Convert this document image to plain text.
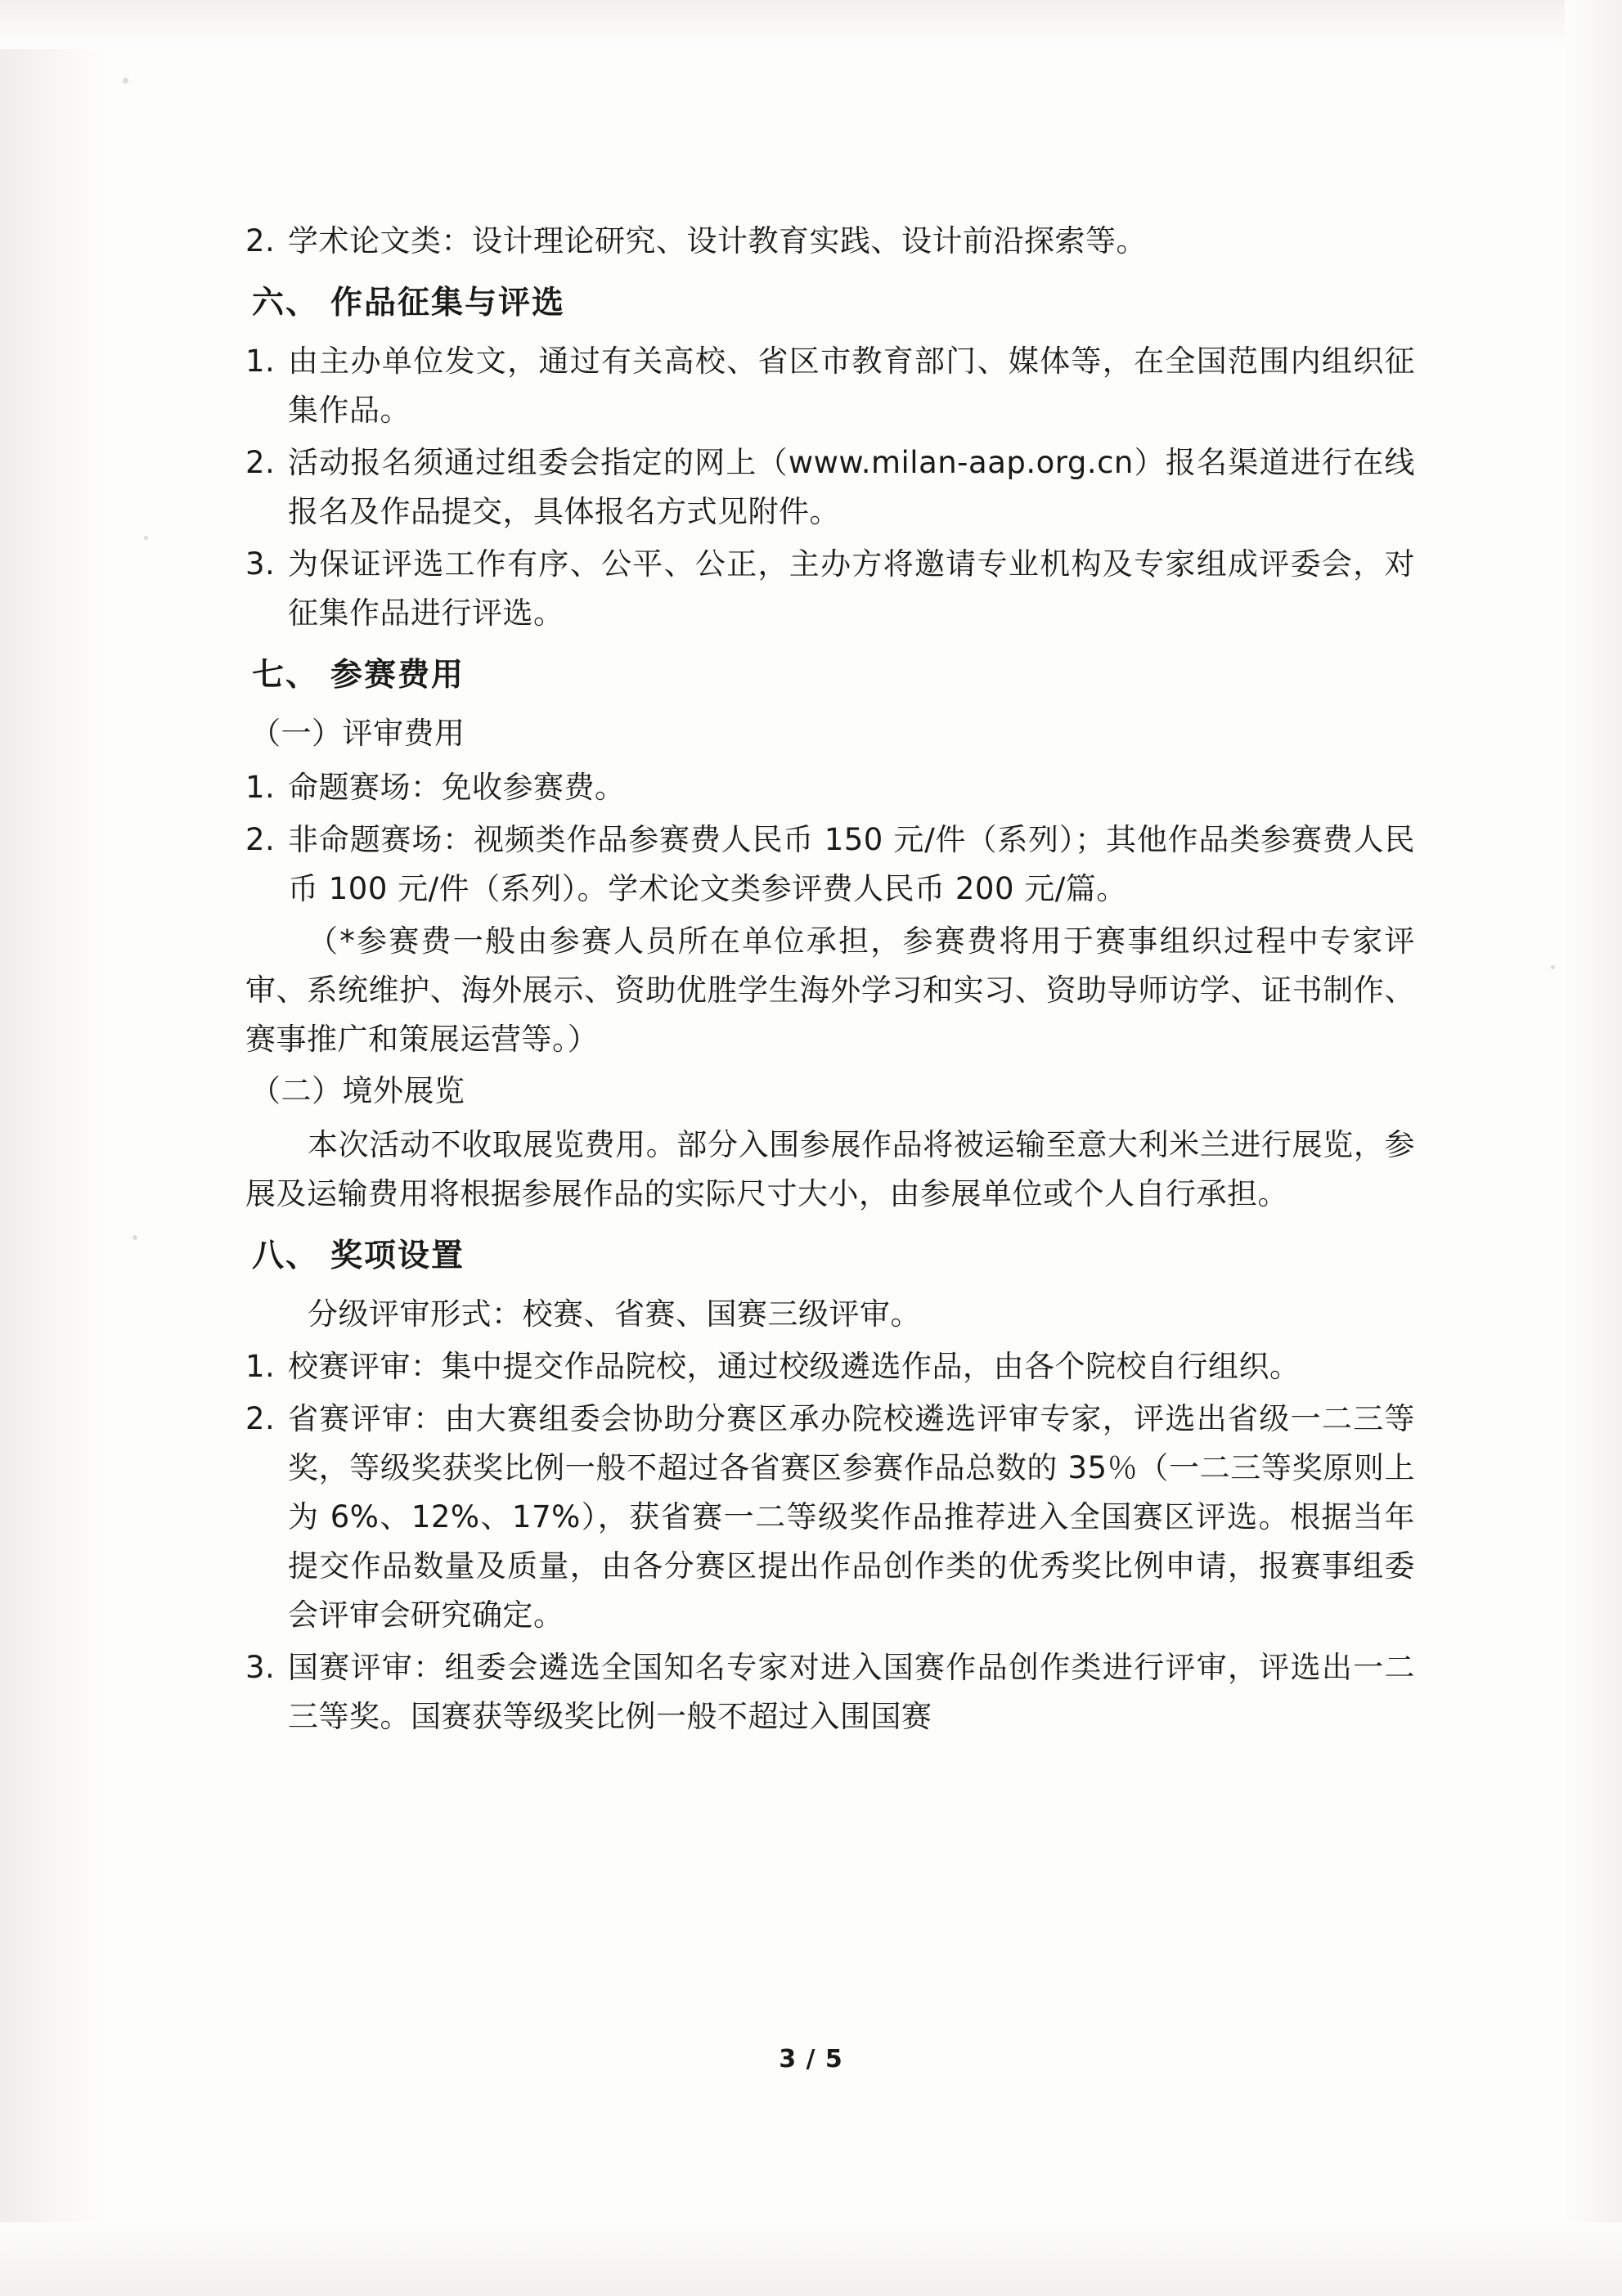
2. 学术论文类：设计理论研究、设计教育实践、设计前沿探索等。
六、 作品征集与评选
1. 由主办单位发文，通过有关高校、省区市教育部门、媒体等，在全国范围内组织征集作品。
2. 活动报名须通过组委会指定的网上（www.milan-aap.org.cn）报名渠道进行在线报名及作品提交，具体报名方式见附件。
3. 为保证评选工作有序、公平、公正，主办方将邀请专业机构及专家组成评委会，对征集作品进行评选。
七、 参赛费用
（一）评审费用
1. 命题赛场：免收参赛费。
2. 非命题赛场：视频类作品参赛费人民币 150 元/件（系列）；其他作品类参赛费人民币 100 元/件（系列）。学术论文类参评费人民币 200 元/篇。
（*参赛费一般由参赛人员所在单位承担，参赛费将用于赛事组织过程中专家评审、系统维护、海外展示、资助优胜学生海外学习和实习、资助导师访学、证书制作、赛事推广和策展运营等。）
（二）境外展览
本次活动不收取展览费用。部分入围参展作品将被运输至意大利米兰进行展览，参展及运输费用将根据参展作品的实际尺寸大小，由参展单位或个人自行承担。
八、 奖项设置
分级评审形式：校赛、省赛、国赛三级评审。
1. 校赛评审：集中提交作品院校，通过校级遴选作品，由各个院校自行组织。
2. 省赛评审：由大赛组委会协助分赛区承办院校遴选评审专家，评选出省级一二三等奖，等级奖获奖比例一般不超过各省赛区参赛作品总数的 35％（一二三等奖原则上为 6%、12%、17%），获省赛一二等级奖作品推荐进入全国赛区评选。根据当年提交作品数量及质量，由各分赛区提出作品创作类的优秀奖比例申请，报赛事组委会评审会研究确定。
3. 国赛评审：组委会遴选全国知名专家对进入国赛作品创作类进行评审，评选出一二三等奖。国赛获等级奖比例一般不超过入围国赛
3 / 5
